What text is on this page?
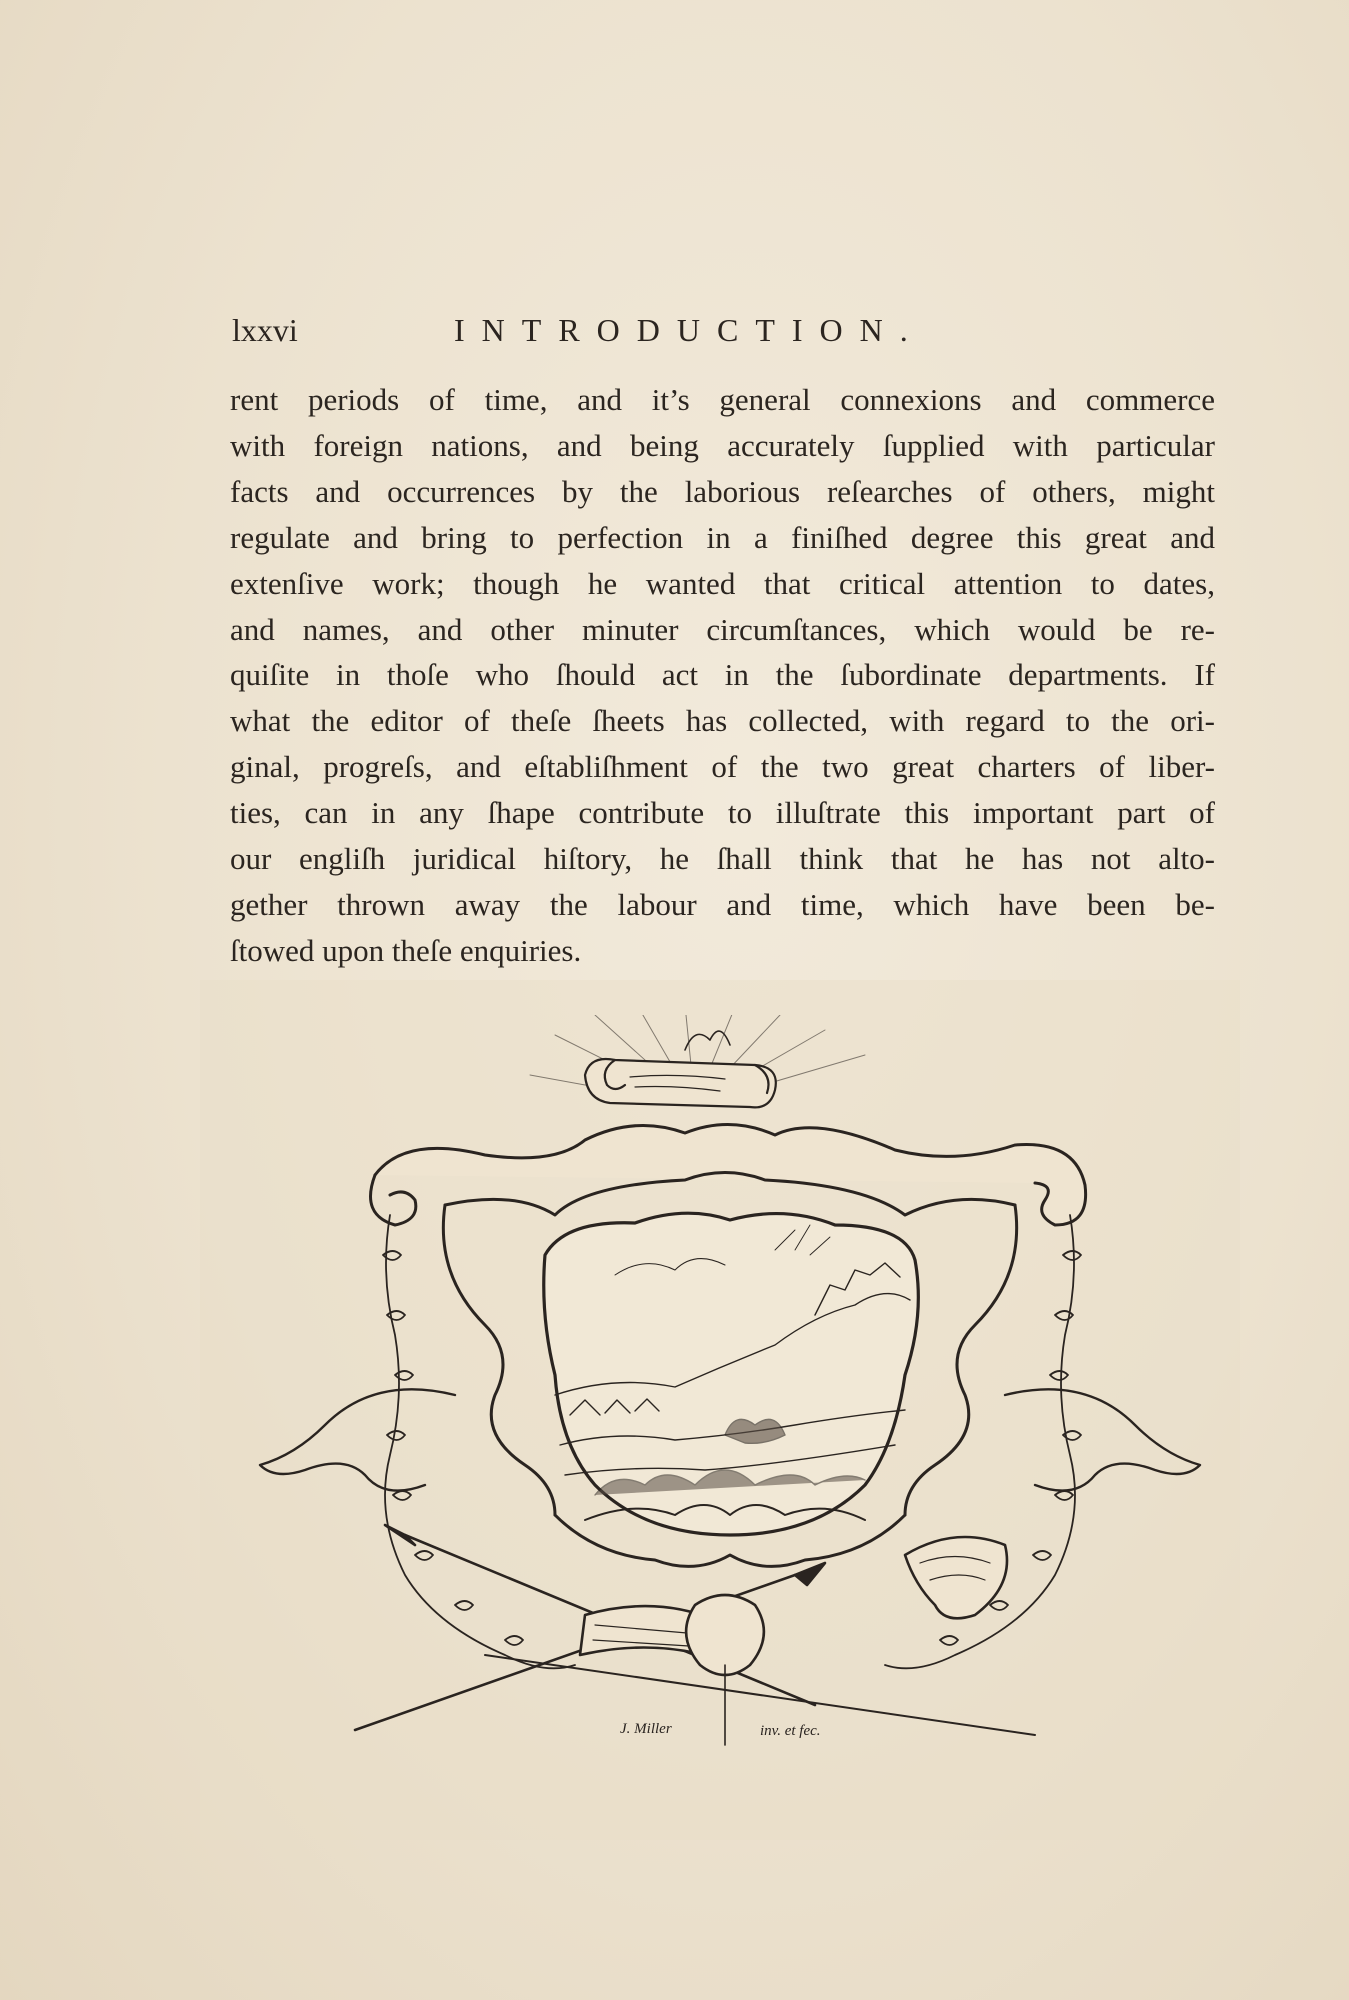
lxxvi	INTRODUCTION.
rent periods of time, and it’s general connexions and commerce
with foreign nations, and being accurately ſupplied with particular
facts and occurrences by the laborious reſearches of others, might
regulate and bring to perfection in a finiſhed degree this great and
extenſive work; though he wanted that critical attention to dates,
and names, and other minuter circumſtances, which would be re-
quiſite in thoſe who ſhould act in the ſubordinate departments. If
what the editor of theſe ſheets has collected, with regard to the ori-
ginal, progreſs, and eſtabliſhment of the two great charters of liber-
ties, can in any ſhape contribute to illuſtrate this important part of
our engliſh juridical hiſtory, he ſhall think that he has not alto-
gether thrown away the labour and time, which have been be-
ſtowed upon theſe enquiries.
J. Miller	inv. et fec.
